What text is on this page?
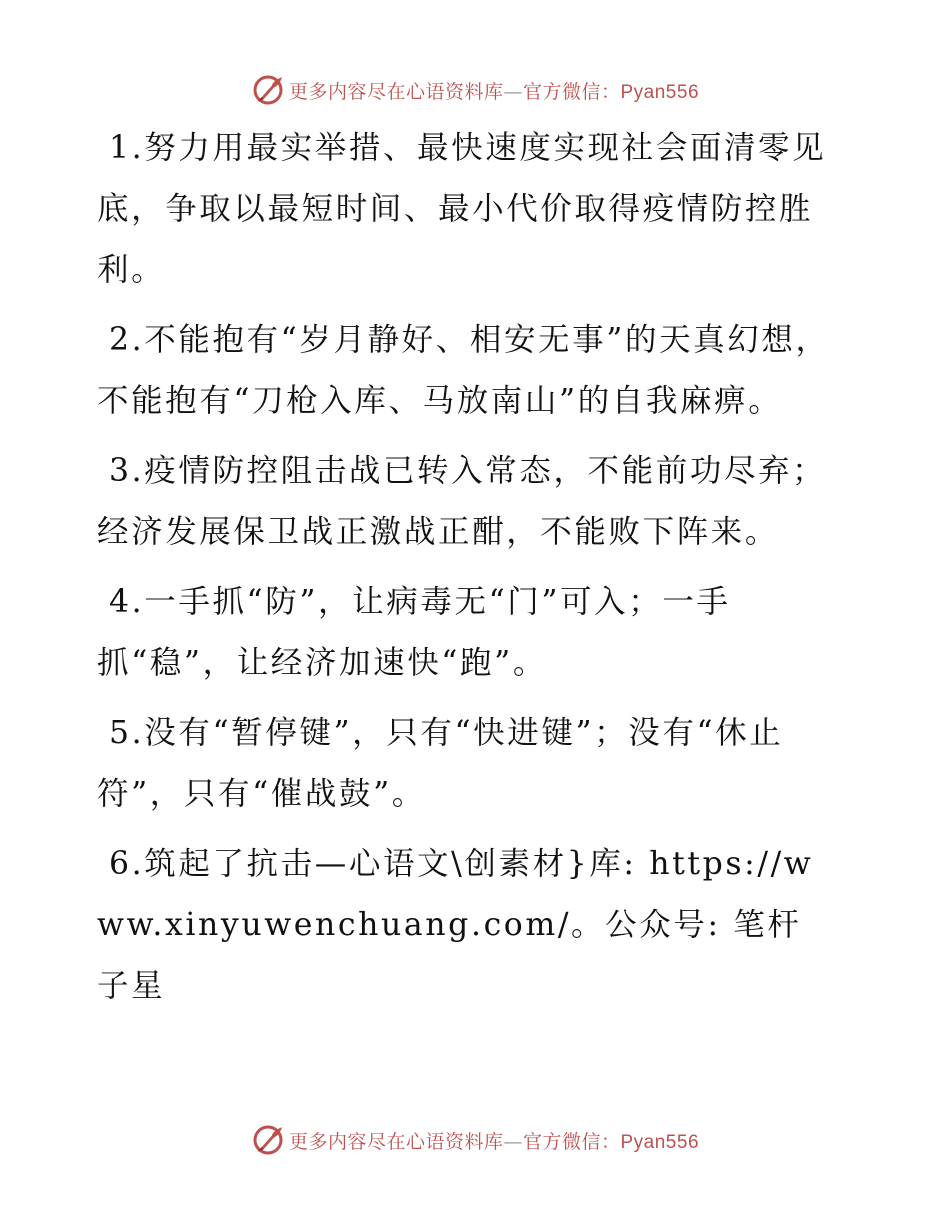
更多内容尽在心语资料库—官方微信：Pyan556

1.努力用最实举措、最快速度实现社会面清零见底，争取以最短时间、最小代价取得疫情防控胜利。

2.不能抱有“岁月静好、相安无事”的天真幻想，不能抱有“刀枪入库、马放南山”的自我麻痹。

3.疫情防控阻击战已转入常态，不能前功尽弃；经济发展保卫战正激战正酣，不能败下阵来。

4.一手抓“防”，让病毒无“门”可入；一手抓“稳”，让经济加速快“跑”。

5.没有“暂停键”，只有“快进键”；没有“休止符”，只有“催战鼓”。

6.筑起了抗击—心语文\创素材}库: https://www.xinyuwenchuang.com/。公众号: 笔杆子星

更多内容尽在心语资料库—官方微信：Pyan556
